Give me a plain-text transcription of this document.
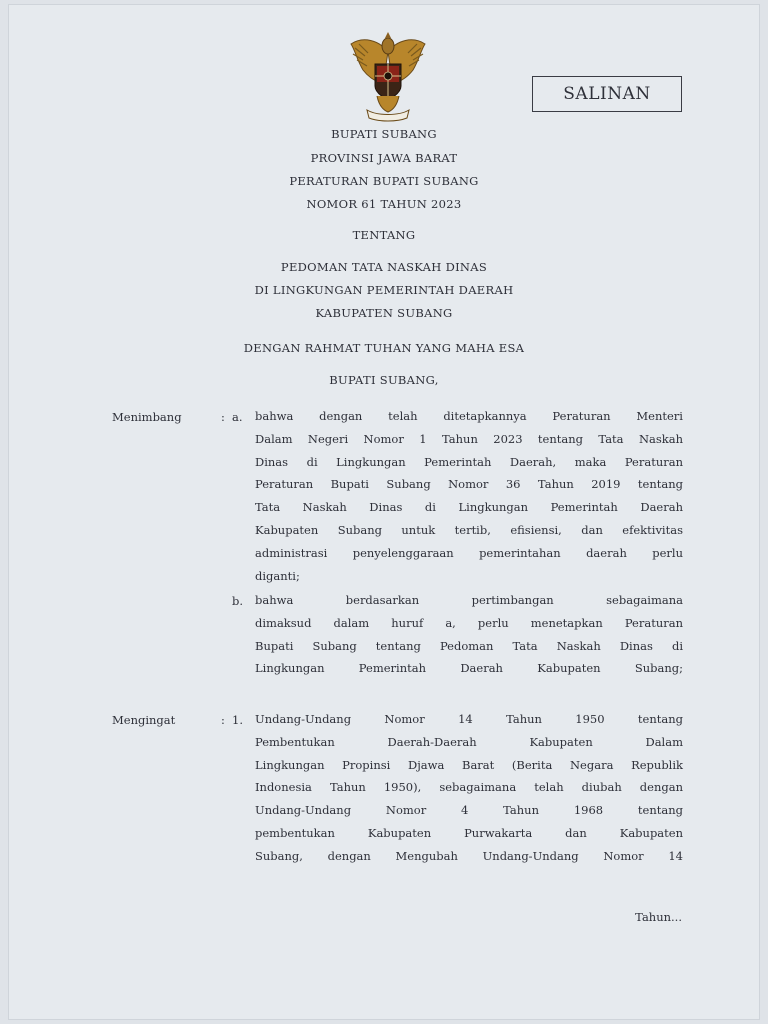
SALINAN
BUPATI SUBANG
PROVINSI JAWA BARAT
PERATURAN BUPATI SUBANG
NOMOR 61 TAHUN 2023
TENTANG
PEDOMAN TATA NASKAH DINAS
DI LINGKUNGAN PEMERINTAH DAERAH
KABUPATEN SUBANG
DENGAN RAHMAT TUHAN YANG MAHA ESA
BUPATI SUBANG,
Menimbang	: a. bahwa dengan telah ditetapkannya Peraturan Menteri
Dalam Negeri Nomor 1 Tahun 2023 tentang Tata Naskah
Dinas di Lingkungan Pemerintah Daerah, maka Peraturan
Peraturan Bupati Subang Nomor 36 Tahun 2019 tentang
Tata Naskah Dinas di Lingkungan Pemerintah Daerah
Kabupaten Subang untuk tertib, efisiensi, dan efektivitas
administrasi penyelenggaraan pemerintahan daerah perlu
diganti;
b. bahwa berdasarkan pertimbangan sebagaimana
dimaksud dalam huruf a, perlu menetapkan Peraturan
Bupati Subang tentang Pedoman Tata Naskah Dinas di
Lingkungan Pemerintah Daerah Kabupaten Subang;
Mengingat	: 1. Undang-Undang Nomor 14 Tahun 1950 tentang
Pembentukan Daerah-Daerah Kabupaten Dalam
Lingkungan Propinsi Djawa Barat (Berita Negara Republik
Indonesia Tahun 1950), sebagaimana telah diubah dengan
Undang-Undang Nomor 4 Tahun 1968 tentang
pembentukan Kabupaten Purwakarta dan Kabupaten
Subang, dengan Mengubah Undang-Undang Nomor 14
Tahun...
